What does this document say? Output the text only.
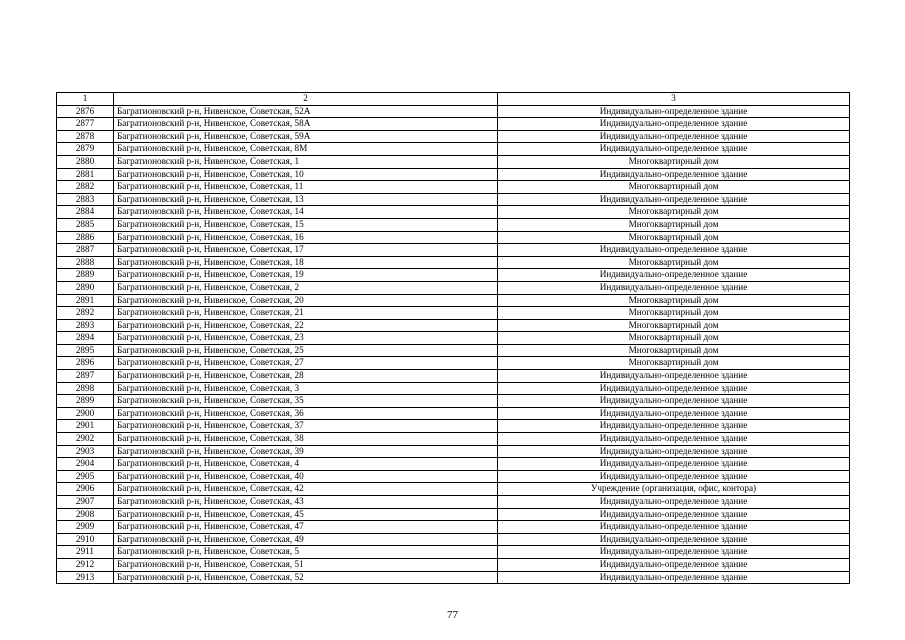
1	2	3
2876	Багратионовский р-н, Нивенское, Советская, 52А	Индивидуально-определенное здание
2877	Багратионовский р-н, Нивенское, Советская, 58А	Индивидуально-определенное здание
2878	Багратионовский р-н, Нивенское, Советская, 59А	Индивидуально-определенное здание
2879	Багратионовский р-н, Нивенское, Советская, 8М	Индивидуально-определенное здание
2880	Багратионовский р-н, Нивенское, Советская, 1	Многоквартирный дом
2881	Багратионовский р-н, Нивенское, Советская, 10	Индивидуально-определенное здание
2882	Багратионовский р-н, Нивенское, Советская, 11	Многоквартирный дом
2883	Багратионовский р-н, Нивенское, Советская, 13	Индивидуально-определенное здание
2884	Багратионовский р-н, Нивенское, Советская, 14	Многоквартирный дом
2885	Багратионовский р-н, Нивенское, Советская, 15	Многоквартирный дом
2886	Багратионовский р-н, Нивенское, Советская, 16	Многоквартирный дом
2887	Багратионовский р-н, Нивенское, Советская, 17	Индивидуально-определенное здание
2888	Багратионовский р-н, Нивенское, Советская, 18	Многоквартирный дом
2889	Багратионовский р-н, Нивенское, Советская, 19	Индивидуально-определенное здание
2890	Багратионовский р-н, Нивенское, Советская, 2	Индивидуально-определенное здание
2891	Багратионовский р-н, Нивенское, Советская, 20	Многоквартирный дом
2892	Багратионовский р-н, Нивенское, Советская, 21	Многоквартирный дом
2893	Багратионовский р-н, Нивенское, Советская, 22	Многоквартирный дом
2894	Багратионовский р-н, Нивенское, Советская, 23	Многоквартирный дом
2895	Багратионовский р-н, Нивенское, Советская, 25	Многоквартирный дом
2896	Багратионовский р-н, Нивенское, Советская, 27	Многоквартирный дом
2897	Багратионовский р-н, Нивенское, Советская, 28	Индивидуально-определенное здание
2898	Багратионовский р-н, Нивенское, Советская, 3	Индивидуально-определенное здание
2899	Багратионовский р-н, Нивенское, Советская, 35	Индивидуально-определенное здание
2900	Багратионовский р-н, Нивенское, Советская, 36	Индивидуально-определенное здание
2901	Багратионовский р-н, Нивенское, Советская, 37	Индивидуально-определенное здание
2902	Багратионовский р-н, Нивенское, Советская, 38	Индивидуально-определенное здание
2903	Багратионовский р-н, Нивенское, Советская, 39	Индивидуально-определенное здание
2904	Багратионовский р-н, Нивенское, Советская, 4	Индивидуально-определенное здание
2905	Багратионовский р-н, Нивенское, Советская, 40	Индивидуально-определенное здание
2906	Багратионовский р-н, Нивенское, Советская, 42	Учреждение (организация, офис, контора)
2907	Багратионовский р-н, Нивенское, Советская, 43	Индивидуально-определенное здание
2908	Багратионовский р-н, Нивенское, Советская, 45	Индивидуально-определенное здание
2909	Багратионовский р-н, Нивенское, Советская, 47	Индивидуально-определенное здание
2910	Багратионовский р-н, Нивенское, Советская, 49	Индивидуально-определенное здание
2911	Багратионовский р-н, Нивенское, Советская, 5	Индивидуально-определенное здание
2912	Багратионовский р-н, Нивенское, Советская, 51	Индивидуально-определенное здание
2913	Багратионовский р-н, Нивенское, Советская, 52	Индивидуально-определенное здание
77
